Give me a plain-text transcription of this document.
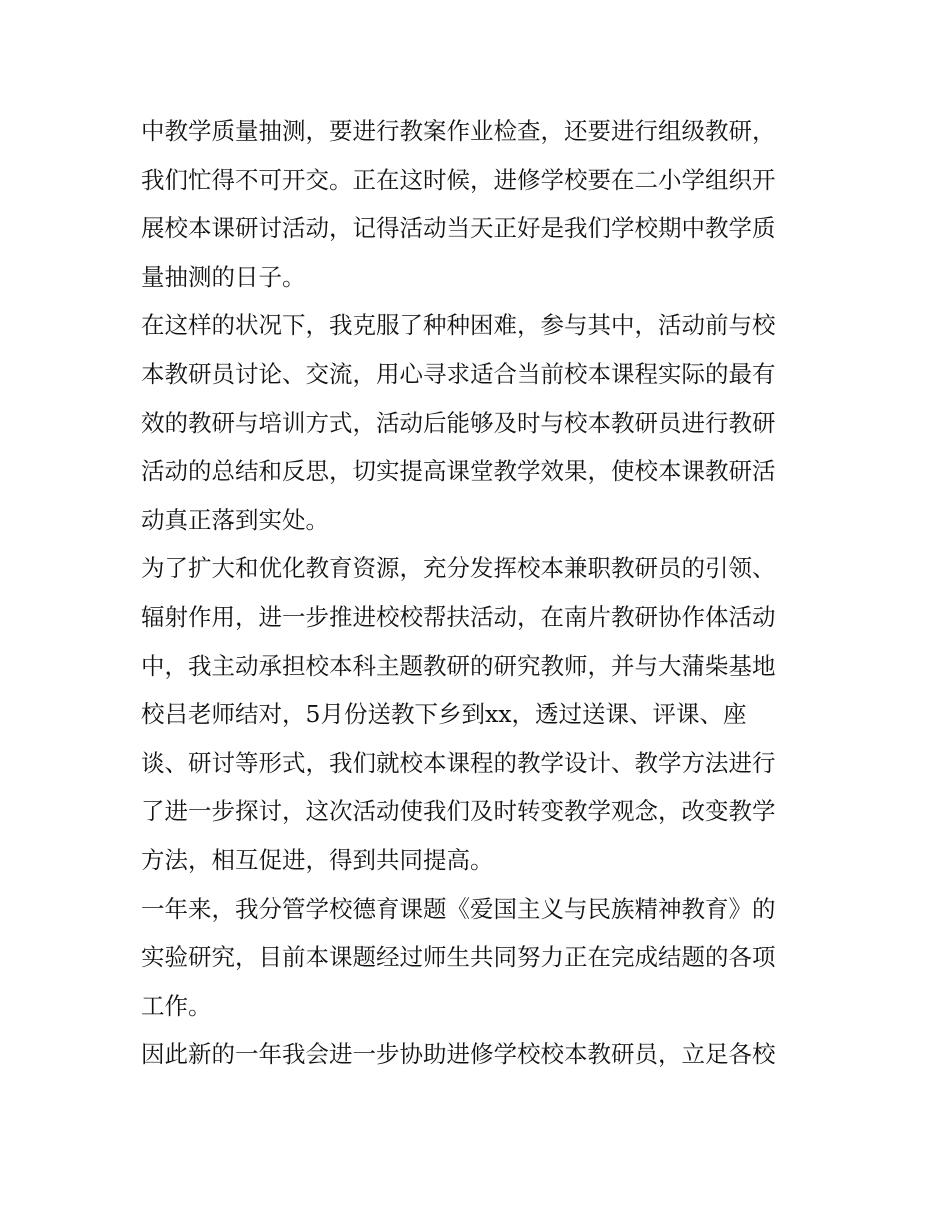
中教学质量抽测，要进行教案作业检查，还要进行组级教研，

我们忙得不可开交。正在这时候，进修学校要在二小学组织开

展校本课研讨活动，记得活动当天正好是我们学校期中教学质

量抽测的日子。

在这样的状况下，我克服了种种困难，参与其中，活动前与校

本教研员讨论、交流，用心寻求适合当前校本课程实际的最有

效的教研与培训方式，活动后能够及时与校本教研员进行教研

活动的总结和反思，切实提高课堂教学效果，使校本课教研活

动真正落到实处。

为了扩大和优化教育资源，充分发挥校本兼职教研员的引领、

辐射作用，进一步推进校校帮扶活动，在南片教研协作体活动

中，我主动承担校本科主题教研的研究教师，并与大蒲柴基地

校吕老师结对，5月份送教下乡到xx，透过送课、评课、座

谈、研讨等形式，我们就校本课程的教学设计、教学方法进行

了进一步探讨，这次活动使我们及时转变教学观念，改变教学

方法，相互促进，得到共同提高。

一年来，我分管学校德育课题《爱国主义与民族精神教育》的

实验研究，目前本课题经过师生共同努力正在完成结题的各项

工作。

因此新的一年我会进一步协助进修学校校本教研员，立足各校
